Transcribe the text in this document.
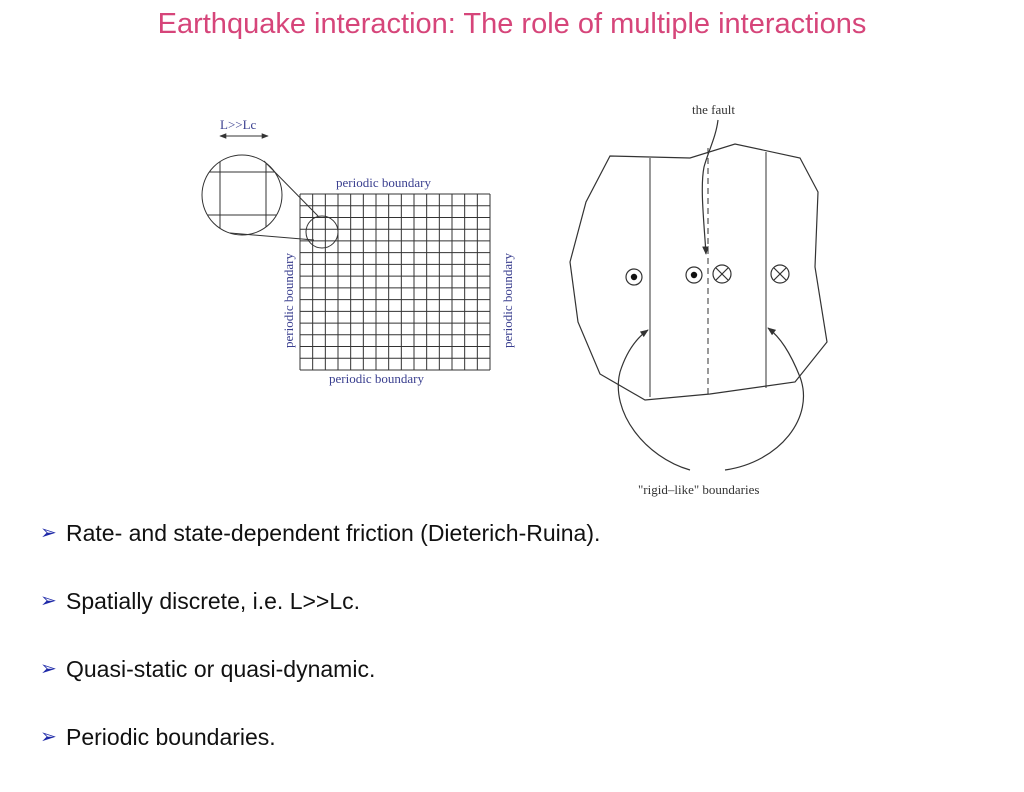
Earthquake interaction: The role of multiple interactions
L>>Lc
periodic boundary
periodic boundary
periodic boundary	periodic boundary
the fault
"rigid–like" boundaries
➢ Rate- and state-dependent friction (Dieterich-Ruina).
➢ Spatially discrete, i.e. L>>Lc.
➢ Quasi-static or quasi-dynamic.
➢ Periodic boundaries.
